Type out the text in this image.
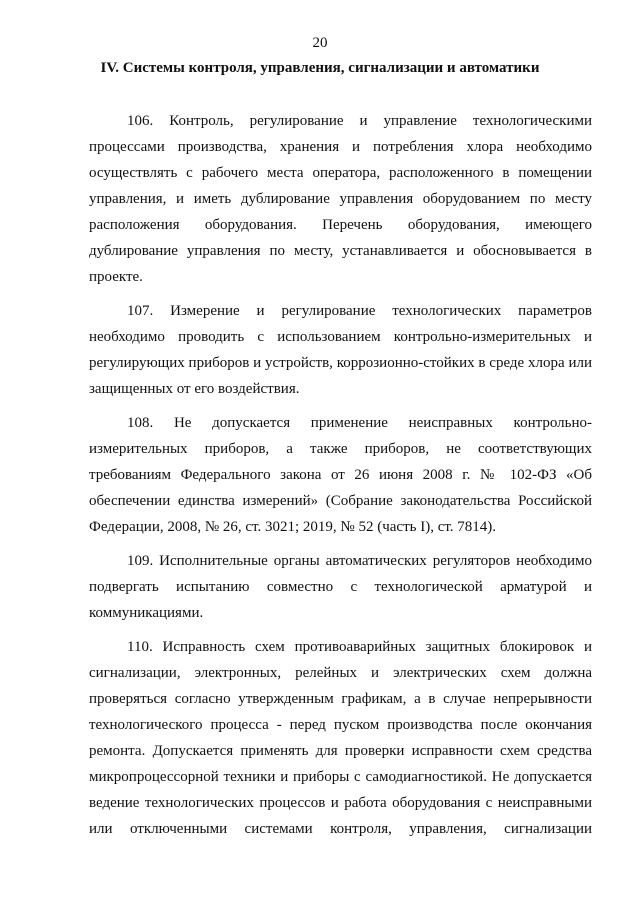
20
IV. Системы контроля, управления, сигнализации и автоматики

106. Контроль, регулирование и управление технологическими процессами производства, хранения и потребления хлора необходимо осуществлять с рабочего места оператора, расположенного в помещении управления, и иметь дублирование управления оборудованием по месту расположения оборудования. Перечень оборудования, имеющего дублирование управления по месту, устанавливается и обосновывается в проекте.

107. Измерение и регулирование технологических параметров необходимо проводить с использованием контрольно-измерительных и регулирующих приборов и устройств, коррозионно-стойких в среде хлора или защищенных от его воздействия.

108. Не допускается применение неисправных контрольно-измерительных приборов, а также приборов, не соответствующих требованиям Федерального закона от 26 июня 2008 г. № 102-ФЗ «Об обеспечении единства измерений» (Собрание законодательства Российской Федерации, 2008, № 26, ст. 3021; 2019, № 52 (часть I), ст. 7814).

109. Исполнительные органы автоматических регуляторов необходимо подвергать испытанию совместно с технологической арматурой и коммуникациями.

110. Исправность схем противоаварийных защитных блокировок и сигнализации, электронных, релейных и электрических схем должна проверяться согласно утвержденным графикам, а в случае непрерывности технологического процесса - перед пуском производства после окончания ремонта. Допускается применять для проверки исправности схем средства микропроцессорной техники и приборы с самодиагностикой. Не допускается ведение технологических процессов и работа оборудования с неисправными или отключенными системами контроля, управления, сигнализации
